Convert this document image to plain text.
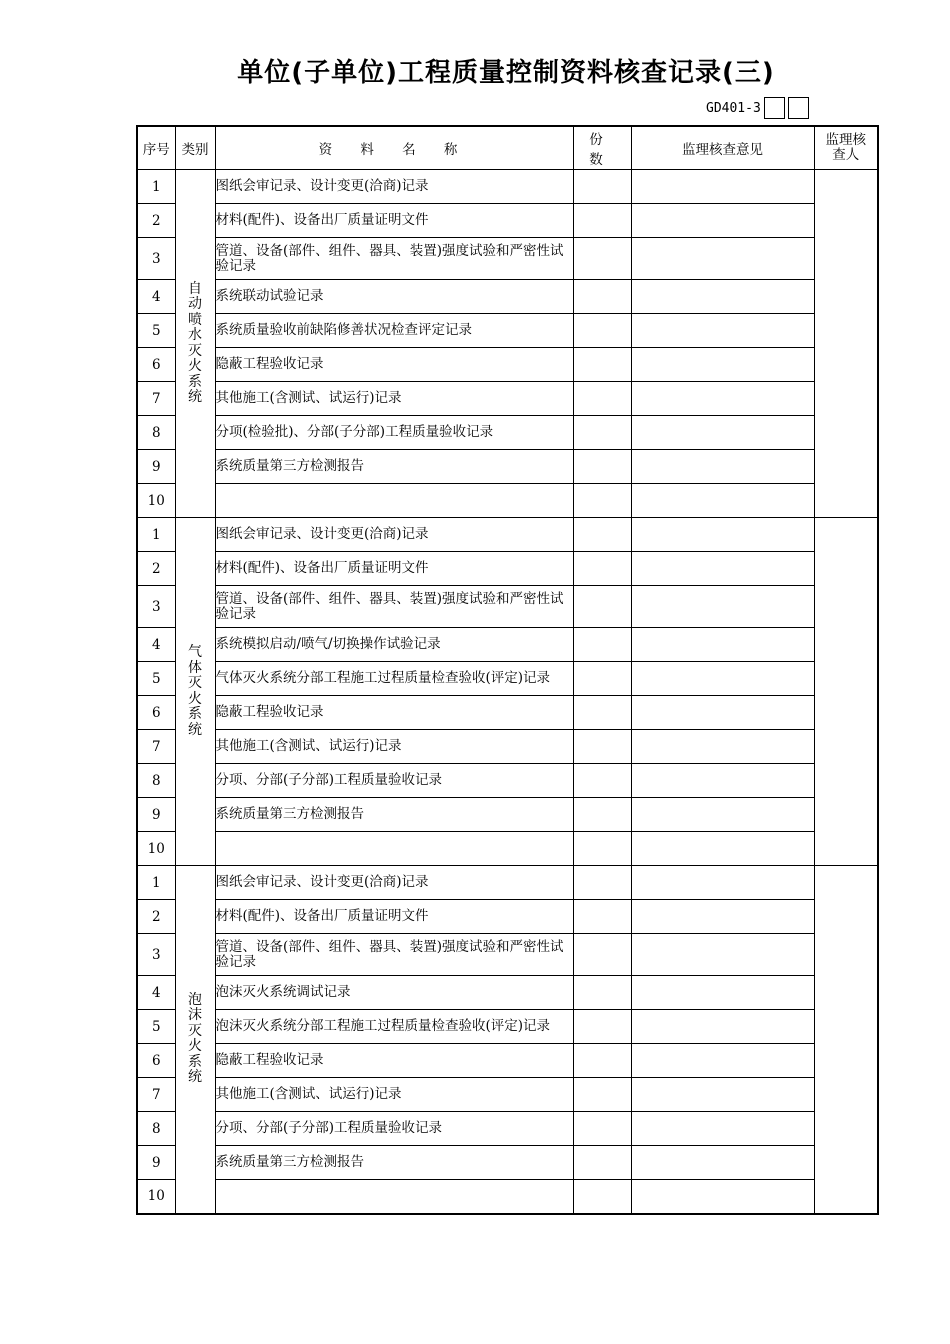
单位(子单位)工程质量控制资料核查记录(三)
GD401-3
序号	类别	资 料 名 称	份 数	监理核查意见	监理核查人

1	自动喷水灭火系统	图纸会审记录、设计变更(洽商)记录			
2		材料(配件)、设备出厂质量证明文件			
3		管道、设备(部件、组件、器具、装置)强度试验和严密性试验记录			
4		系统联动试验记录			
5		系统质量验收前缺陷修善状况检查评定记录			
6		隐蔽工程验收记录			
7		其他施工(含测试、试运行)记录			
8		分项(检验批)、分部(子分部)工程质量验收记录			
9		系统质量第三方检测报告			
10					
1	气体灭火系统	图纸会审记录、设计变更(洽商)记录			
2		材料(配件)、设备出厂质量证明文件			
3		管道、设备(部件、组件、器具、装置)强度试验和严密性试验记录			
4		系统模拟启动/喷气/切换操作试验记录			
5		气体灭火系统分部工程施工过程质量检查验收(评定)记录			
6		隐蔽工程验收记录			
7		其他施工(含测试、试运行)记录			
8		分项、分部(子分部)工程质量验收记录			
9		系统质量第三方检测报告			
10					
1	泡沫灭火系统	图纸会审记录、设计变更(洽商)记录			
2		材料(配件)、设备出厂质量证明文件			
3		管道、设备(部件、组件、器具、装置)强度试验和严密性试验记录			
4		泡沫灭火系统调试记录			
5		泡沫灭火系统分部工程施工过程质量检查验收(评定)记录			
6		隐蔽工程验收记录			
7		其他施工(含测试、试运行)记录			
8		分项、分部(子分部)工程质量验收记录			
9		系统质量第三方检测报告			
10					
